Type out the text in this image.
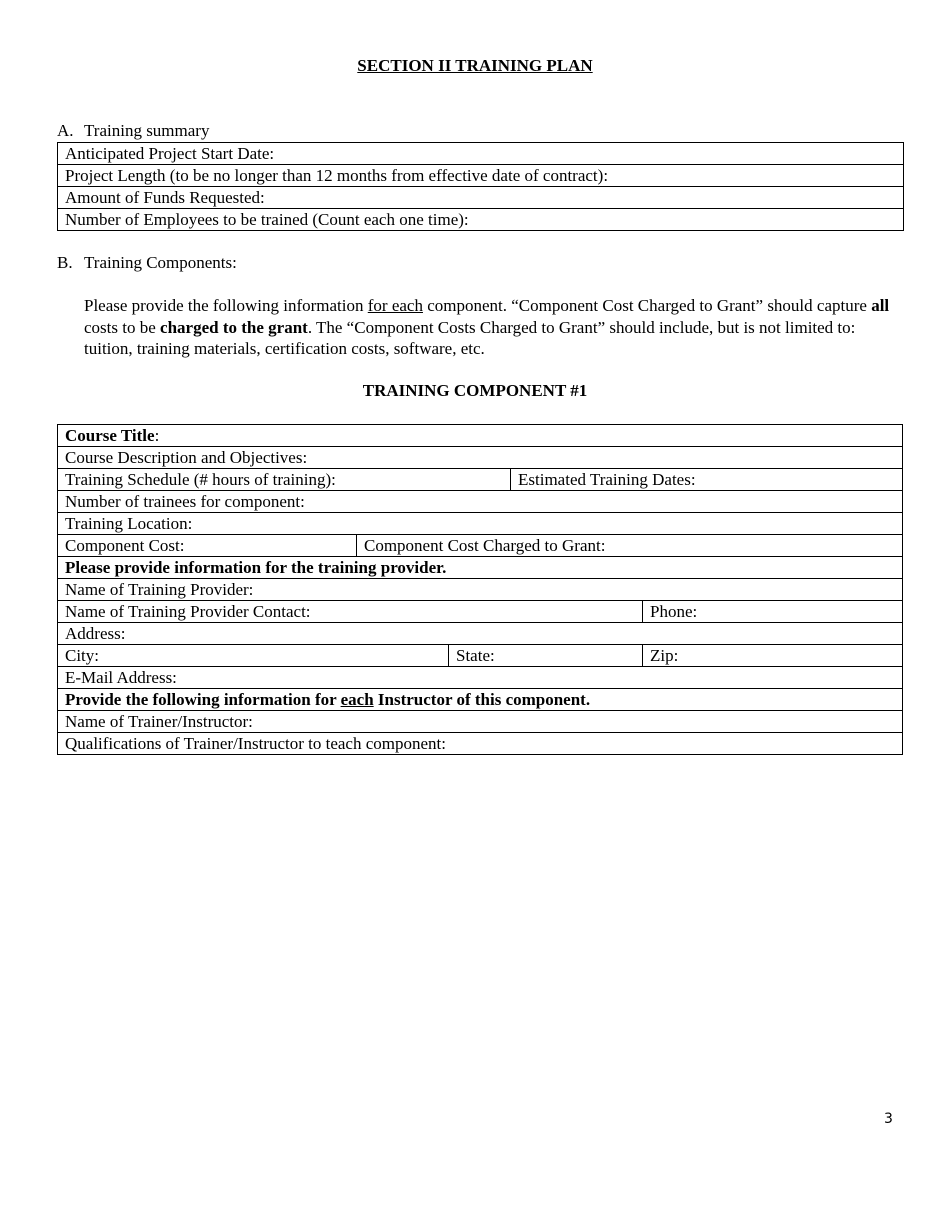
SECTION II TRAINING PLAN
A. Training summary
Anticipated Project Start Date:
Project Length (to be no longer than 12 months from effective date of contract):
Amount of Funds Requested:
Number of Employees to be trained (Count each one time):
B. Training Components:
Please provide the following information for each component. “Component Cost Charged to Grant” should capture all costs to be charged to the grant. The “Component Costs Charged to Grant” should include, but is not limited to: tuition, training materials, certification costs, software, etc.
TRAINING COMPONENT #1
Course Title:				
Course Description and Objectives:				
Training Schedule (# hours of training):			Estimated Training Dates:	
Number of trainees for component:				
Training Location:				
Component Cost:	Component Cost Charged to Grant:			
Please provide information for the training provider.				
Name of Training Provider:				
Name of Training Provider Contact:				Phone:
Address:				
City:		State:		Zip:
E-Mail Address:				
Provide the following information for each Instructor of this component.				
Name of Trainer/Instructor:				
Qualifications of Trainer/Instructor to teach component:				
3
